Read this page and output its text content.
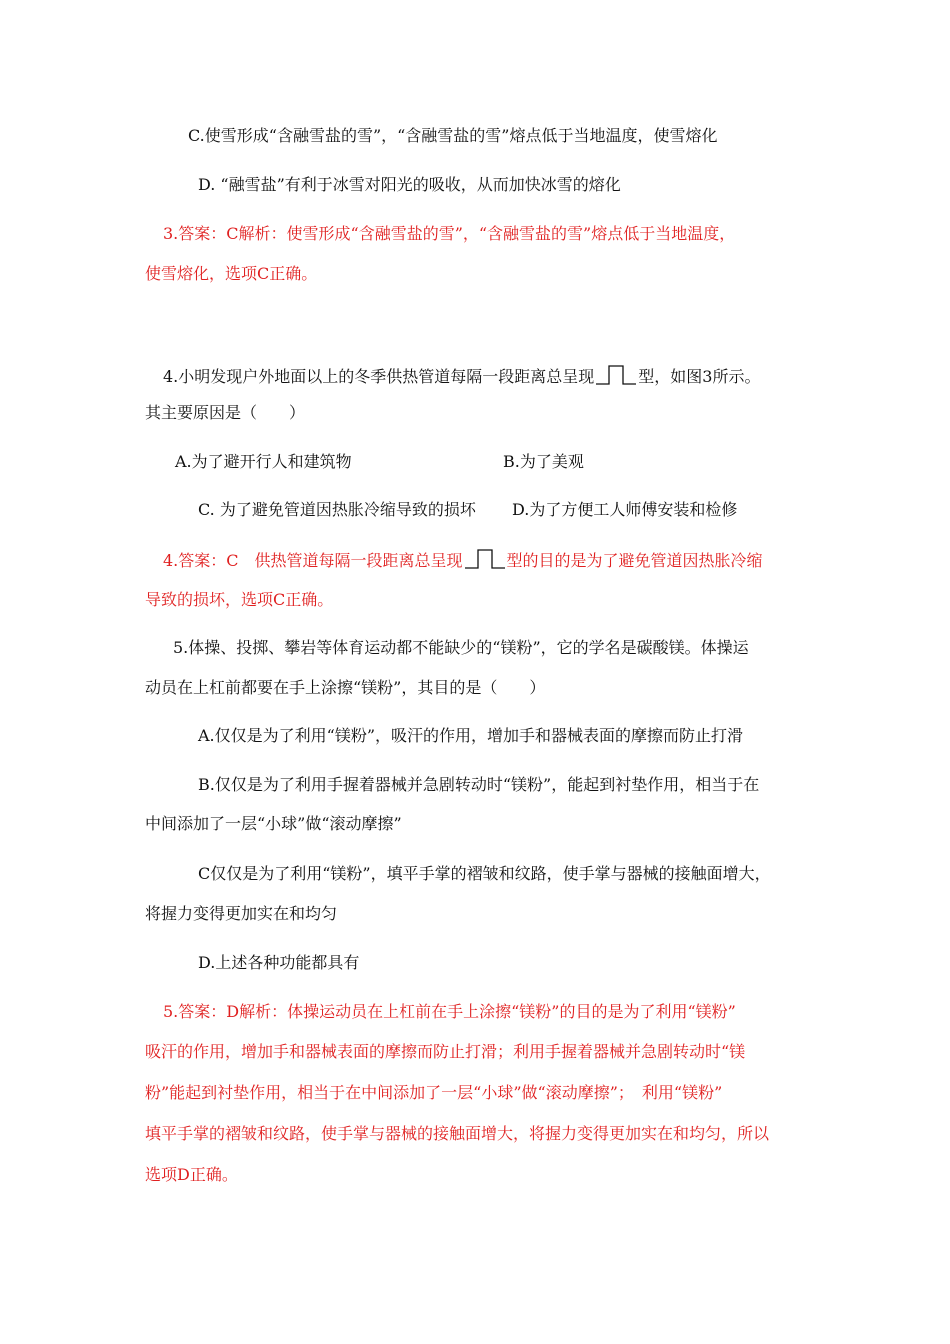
C.使雪形成“含融雪盐的雪”，“含融雪盐的雪”熔点低于当地温度，使雪熔化
D. “融雪盐”有利于冰雪对阳光的吸收，从而加快冰雪的熔化
3.答案：C解析：使雪形成“含融雪盐的雪”，“含融雪盐的雪”熔点低于当地温度，
使雪熔化，选项C正确。
4.小明发现户外地面以上的冬季供热管道每隔一段距离总呈现	型，如图3所示。
其主要原因是（　　）
A.为了避开行人和建筑物	B.为了美观
C. 为了避免管道因热胀冷缩导致的损坏 D.为了方便工人师傅安装和检修
4.答案：C　供热管道每隔一段距离总呈现	型的目的是为了避免管道因热胀冷缩
导致的损坏，选项C正确。
5.体操、投掷、攀岩等体育运动都不能缺少的“镁粉”，它的学名是碳酸镁。体操运
动员在上杠前都要在手上涂擦“镁粉”，其目的是（　　）
A.仅仅是为了利用“镁粉”，吸汗的作用，增加手和器械表面的摩擦而防止打滑
B.仅仅是为了利用手握着器械并急剧转动时“镁粉”，能起到衬垫作用，相当于在
中间添加了一层“小球”做“滚动摩擦”
C仅仅是为了利用“镁粉”，填平手掌的褶皱和纹路，使手掌与器械的接触面增大，
将握力变得更加实在和均匀
D.上述各种功能都具有
5.答案：D解析：体操运动员在上杠前在手上涂擦“镁粉”的目的是为了利用“镁粉”
吸汗的作用，增加手和器械表面的摩擦而防止打滑；利用手握着器械并急剧转动时“镁
粉”能起到衬垫作用，相当于在中间添加了一层“小球”做“滚动摩擦”；　利用“镁粉”
填平手掌的褶皱和纹路，使手掌与器械的接触面增大，将握力变得更加实在和均匀，所以
选项D正确。
